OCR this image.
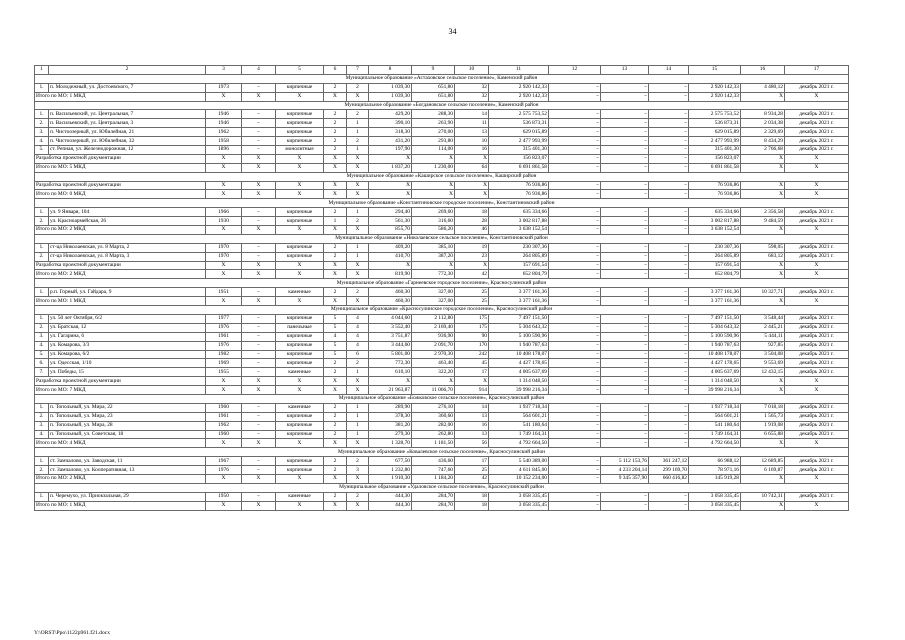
34
1	2	3	4	5	6	7	8	9	10	11	12	13	14	15	16	17
Муниципальное образование «Астаховское сельское поселение», Каменский район																
1.	п. Молодежный, ул. Достоевского, 7	1973	–	кирпичные	2	2	1 039,30	651,80	32	2 920 142,33	–	–	–	2 920 142,33	4 480,12	декабрь 2021 г.
Итого по МО: 1 МКД		X	X	X	X	X	1 039,30	651,80	32	2 920 142,33	–	–	–	2 920 142,33	X	X
Муниципальное образование «Богдановское сельское поселение», Каменский район																
1.	п. Васильевский, ул. Центральная, 7	1946	–	кирпичные	2	2	429,20	288,30	14	2 575 753,52	–	–	–	2 575 753,52	8 934,28	декабрь 2021 г.
2.	п. Васильевский, ул. Центральная, 3	1946	–	кирпичные	2	1	390,10	263,90	11	536 873,31	–	–	–	536 873,31	2 034,38	декабрь 2021 г.
3.	п. Чистоозерный, ул. Юбилейная, 21	1962	–	кирпичные	2	1	318,30	270,00	13	629 015,89	–	–	–	629 015,89	2 329,69	декабрь 2021 г.
4.	п. Чистоозерный, ул. Юбилейная, 32	1958	–	кирпичные	2	2	431,20	293,80	10	2 477 993,99	–	–	–	2 477 993,99	8 434,29	декабрь 2021 г.
5.	ст. Репная, ул. Железнодорожная, 12	1896	–	монолитные	2	1	197,90	114,00	16	315 401,30	–	–	–	315 401,30	2 766,68	декабрь 2021 г.
Разработка проектной документации		X	X	X	X	X	X	X	X	156 823,07	–	–	–	156 823,07	X	X
Итого по МО: 5 МКД		X	X	X	X	X	1 837,20	1 230,00	64	6 691 861,58	–	–	–	6 691 861,58	X	X
Муниципальное образование «Каширское сельское поселение», Каширский район																
Разработка проектной документации		X	X	X	X	X	X	X	X	76 936,86	–	–	–	76 936,86	X	X
Итого по МО: 0 МКД		X	X	X	X	X	X	X	X	76 936,86	–	–	–	76 936,86	X	X
Муниципальное образование «Константиновское городское поселение», Константиновский район																
1.	ул. 9 Января, 104	1966	–	кирпичные	2	1	294,40	269,60	18	635 334,66	–	–	–	635 334,66	2 356,58	декабрь 2021 г.
2.	ул. Красноармейская, 26	1930	–	кирпичные	1	2	561,30	316,60	28	3 002 817,88	–	–	–	3 002 817,88	9 484,59	декабрь 2021 г.
Итого по МО: 2 МКД		X	X	X	X	X	855,70	586,20	46	3 638 152,54	–	–	–	3 638 152,54	X	X
Муниципальное образование «Николаевское сельское поселение», Константиновский район																
1.	ст-ца Николаевская, ул. 8 Марта, 2	1970	–	кирпичные	2	1	409,20	385,10	19	230 307,36	–	–	–	230 307,36	598,05	декабрь 2021 г.
2.	ст-ца Николаевская, ул. 8 Марта, 3	1970	–	кирпичные	2	1	410,70	387,20	23	264 805,89	–	–	–	264 805,89	683,12	декабрь 2021 г.
Разработка проектной документации		X	X	X	X	X	X	X	X	157 691,54	–	–	–	157 691,54	X	X
Итого по МО: 2 МКД		X	X	X	X	X	819,90	772,30	42	652 804,79	–	–	–	652 804,79	X	X
Муниципальное образование «Гарнеевское городское поселение», Красносулинский район																
1.	р.п. Горный, ул. Гайдара, 9	1951	–	каменные	2	2	460,30	327,00	25	3 377 161,36	–	–	–	3 377 161,36	10 327,71	декабрь 2021 г.
Итого по МО: 1 МКД		X	X	X	X	X	460,30	327,00	25	3 377 161,36	–	–	–	3 377 161,36	X	X
Муниципальное образование «Красносулинское городское поселение», Красносулинский район																
1.	ул. 50 лет Октября, 6/2	1977	–	кирпичные	5	4	4 044,60	2 112,80	175	7 497 151,50	–	–	–	7 497 151,50	3 548,44	декабрь 2021 г.
2.	ул. Братская, 12	1976	–	панельные	5	4	3 552,40	2 169,40	175	5 304 643,32	–	–	–	5 304 643,32	2 445,21	декабрь 2021 г.
3.	ул. Гагарина, 6	1961	–	кирпичные	4	4	3 751,87	936,90	90	5 100 590,96	–	–	–	5 100 590,96	5 444,11	декабрь 2021 г.
4.	ул. Комарова, 3/3	1976	–	кирпичные	5	4	3 444,60	2 091,70	170	1 940 787,63	–	–	–	1 940 787,63	927,85	декабрь 2021 г.
5.	ул. Комарова, 6/2	1982	–	кирпичные	5	6	5 801,00	2 970,30	242	10 408 178,07	–	–	–	10 408 178,07	3 504,08	декабрь 2021 г.
6.	ул. Одесская, 1/10	1969	–	кирпичные	2	2	772,30	463,40	45	4 427 178,65	–	–	–	4 427 178,65	9 553,69	декабрь 2021 г.
7.	ул. Победы, 15	1955	–	каменные	2	1	610,10	322,20	17	4 005 637,69	–	–	–	4 005 637,69	12 432,15	декабрь 2021 г.
Разработка проектной документации		X	X	X	X	X	X	X	X	1 314 048,50	–	–	–	1 314 048,50	X	X
Итого по МО: 7 МКД		X	X	X	X	X	21 963,87	11 066,70	914	39 998 216,34	–	–	–	39 998 216,34	X	X
Муниципальное образование «Божковское сельское поселение», Красносулинский район																
1.	п. Топольный, ул. Мира, 22	1960	–	каменные	2	1	289,90	276,10	14	1 937 718,34	–	–	–	1 937 718,34	7 018,18	декабрь 2021 г.
2.	п. Топольный, ул. Мира, 23	1961	–	кирпичные	2	1	378,30	360,60	13	564 601,21	–	–	–	564 601,21	1 565,73	декабрь 2021 г.
3.	п. Топольный, ул. Мира, 28	1962	–	кирпичные	2	1	381,20	282,00	16	541 180,64	–	–	–	541 180,64	1 919,08	декабрь 2021 г.
4.	п. Топольный, ул. Советская, 18	1960	–	кирпичные	2	1	279,30	262,80	13	1 749 164,31	–	–	–	1 749 164,31	6 655,88	декабрь 2021 г.
Итого по МО: 4 МКД		X	X	X	X	X	1 328,70	1 181,50	56	4 792 664,50	–	–	–	4 792 664,50	X	X
Муниципальное образование «Ковалевское сельское поселение», Красносулинский район																
1.	ст. Замчалово, ул. Заводская, 11	1967	–	кирпичные	2	2	677,50	436,60	17	5 540 389,00	–	5 112 153,76	361 247,12	66 988,12	12 689,85	декабрь 2021 г.
2.	ст. Замчалово, ул. Кооперативная, 13	1976	–	кирпичные	2	3	1 232,80	747,60	25	4 611 845,00	–	4 233 204,14	299 169,70	78 971,16	6 169,87	декабрь 2021 г.
Итого по МО: 2 МКД		X	X	X	X	X	1 910,30	1 184,20	42	10 152 234,00	–	9 345 357,90	660 416,82	145 919,28	X	X
Муниципальное образование «Удаловское сельское поселение», Красносулинский район																
1.	п. Черемухо, ул. Приокзальная, 29	1950	–	каменные	2	2	444,30	284,70	18	3 058 335,45	–	–	–	3 058 335,45	10 742,31	декабрь 2021 г.
Итого по МО: 1 МКД		X	X	X	X	X	444,30	284,70	18	3 058 335,45	–	–	–	3 058 335,45	X	X
Y:\ORST\Ppo\1122p961.f21.docx
